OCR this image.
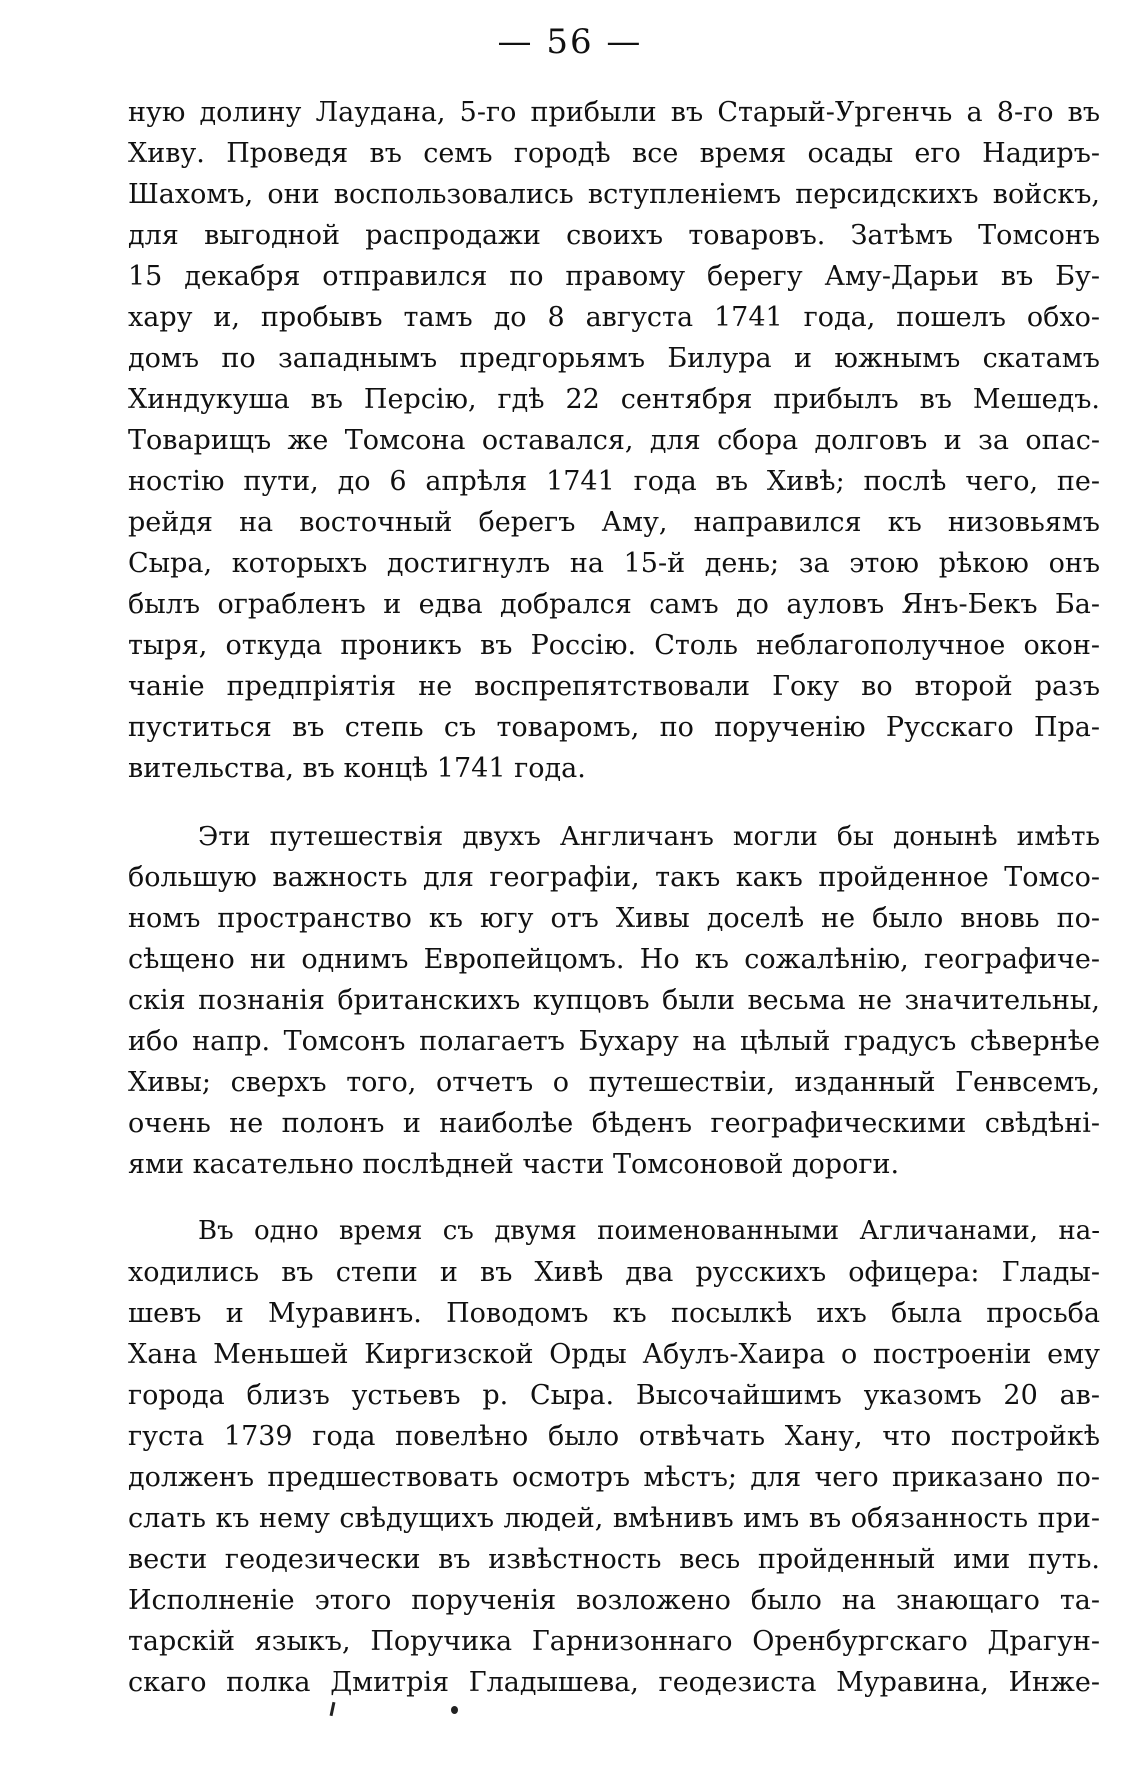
— 56 —
ную долину Лаудана, 5-го прибыли въ Старый-Ургенчь а 8-го въ
Хиву. Проведя въ семъ городѣ все время осады его Надиръ-
Шахомъ, они воспользовались вступленіемъ персидскихъ войскъ,
для выгодной распродажи своихъ товаровъ. Затѣмъ Томсонъ
15 декабря отправился по правому берегу Аму-Дарьи въ Бу-
хару и, пробывъ тамъ до 8 августа 1741 года, пошелъ обхо-
домъ по западнымъ предгорьямъ Билура и южнымъ скатамъ
Хиндукуша въ Персію, гдѣ 22 сентября прибылъ въ Мешедъ.
Товарищъ же Томсона оставался, для сбора долговъ и за опас-
ностію пути, до 6 апрѣля 1741 года въ Хивѣ; послѣ чего, пе-
рейдя на восточный берегъ Аму, направился къ низовьямъ
Сыра, которыхъ достигнулъ на 15-й день; за этою рѣкою онъ
былъ ограбленъ и едва добрался самъ до ауловъ Янъ-Бекъ Ба-
тыря, откуда проникъ въ Россію. Столь неблагополучное окон-
чаніе предпріятія не воспрепятствовали Гоку во второй разъ
пуститься въ степь съ товаромъ, по порученію Русскаго Пра-
вительства, въ концѣ 1741 года.
Эти путешествія двухъ Англичанъ могли бы донынѣ имѣть
большую важность для географіи, такъ какъ пройденное Томсо-
номъ пространство къ югу отъ Хивы доселѣ не было вновь по-
сѣщено ни однимъ Европейцомъ. Но къ сожалѣнію, географиче-
скія познанія британскихъ купцовъ были весьма не значительны,
ибо напр. Томсонъ полагаетъ Бухару на цѣлый градусъ сѣвернѣе
Хивы; сверхъ того, отчетъ о путешествіи, изданный Генвсемъ,
очень не полонъ и наиболѣе бѣденъ географическими свѣдѣні-
ями касательно послѣдней части Томсоновой дороги.
Въ одно время съ двумя поименованными Агличанами, на-
ходились въ степи и въ Хивѣ два русскихъ офицера: Глады-
шевъ и Муравинъ. Поводомъ къ посылкѣ ихъ была просьба
Хана Меньшей Киргизской Орды Абулъ-Хаира о построеніи ему
города близъ устьевъ р. Сыра. Высочайшимъ указомъ 20 ав-
густа 1739 года повелѣно было отвѣчать Хану, что постройкѣ
долженъ предшествовать осмотръ мѣстъ; для чего приказано по-
слать къ нему свѣдущихъ людей, вмѣнивъ имъ въ обязанность при-
вести геодезически въ извѣстность весь пройденный ими путь.
Исполненіе этого порученія возложено было на знающаго та-
тарскій языкъ, Поручика Гарнизоннаго Оренбургскаго Драгун-
скаго полка Дмитрія Гладышева, геодезиста Муравина, Инже-
